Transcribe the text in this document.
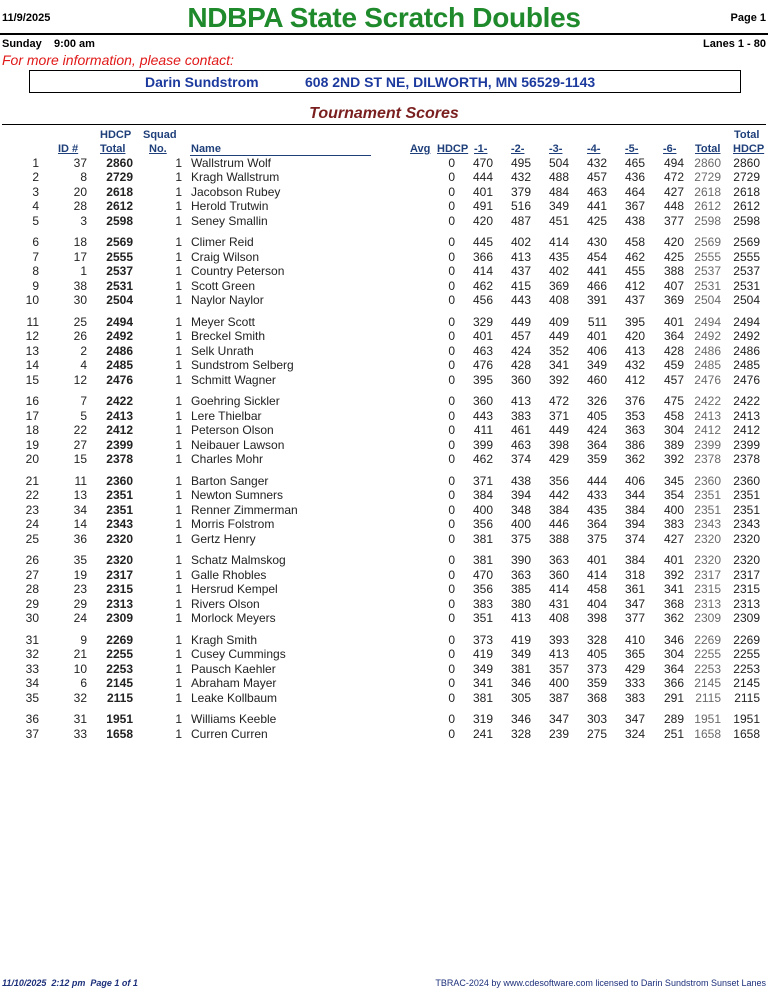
11/9/2025	NDBPA State Scratch Doubles	Page 1
Sunday    9:00 am	Lanes 1 - 80
For more information, please contact:
Darin Sundstrom	608 2ND ST NE, DILWORTH, MN 56529-1143
Tournament Scores
ID #
HDCP
Total
Squad
No. Name	Avg HDCP -1- -2- -3- -4- -5- -6- Total
Total
HDCP
1	37 2860	1 Wallstrum Wolf	0 470 495 504 432 465 494 2860 2860
2	8 2729	1 Kragh Wallstrum	0 444 432 488 457 436 472 2729 2729
3	20 2618	1 Jacobson Rubey	0 401 379 484 463 464 427 2618 2618
4	28 2612	1 Herold Trutwin	0 491 516 349 441 367 448 2612 2612
5	3 2598	1 Seney Smallin	0 420 487 451 425 438 377 2598 2598
6	18 2569	1 Climer Reid	0 445 402 414 430 458 420 2569 2569
7	17 2555	1 Craig Wilson	0 366 413 435 454 462 425 2555 2555
8	1 2537	1 Country Peterson	0 414 437 402 441 455 388 2537 2537
9	38 2531	1 Scott Green	0 462 415 369 466 412 407 2531 2531
10	30 2504	1 Naylor Naylor	0 456 443 408 391 437 369 2504 2504
11	25 2494	1 Meyer Scott	0 329 449 409 511 395 401 2494 2494
12	26 2492	1 Breckel Smith	0 401 457 449 401 420 364 2492 2492
13	2 2486	1 Selk Unrath	0 463 424 352 406 413 428 2486 2486
14	4 2485	1 Sundstrom Selberg	0 476 428 341 349 432 459 2485 2485
15	12 2476	1 Schmitt Wagner	0 395 360 392 460 412 457 2476 2476
16	7 2422	1 Goehring Sickler	0 360 413 472 326 376 475 2422 2422
17	5 2413	1 Lere Thielbar	0 443 383 371 405 353 458 2413 2413
18	22 2412	1 Peterson Olson	0 411 461 449 424 363 304 2412 2412
19	27 2399	1 Neibauer Lawson	0 399 463 398 364 386 389 2399 2399
20	15 2378	1 Charles Mohr	0 462 374 429 359 362 392 2378 2378
21	11 2360	1 Barton Sanger	0 371 438 356 444 406 345 2360 2360
22	13 2351	1 Newton Sumners	0 384 394 442 433 344 354 2351 2351
23	34 2351	1 Renner Zimmerman	0 400 348 384 435 384 400 2351 2351
24	14 2343	1 Morris Folstrom	0 356 400 446 364 394 383 2343 2343
25	36 2320	1 Gertz Henry	0 381 375 388 375 374 427 2320 2320
26	35 2320	1 Schatz Malmskog	0 381 390 363 401 384 401 2320 2320
27	19 2317	1 Galle Rhobles	0 470 363 360 414 318 392 2317 2317
28	23 2315	1 Hersrud Kempel	0 356 385 414 458 361 341 2315 2315
29	29 2313	1 Rivers Olson	0 383 380 431 404 347 368 2313 2313
30	24 2309	1 Morlock Meyers	0 351 413 408 398 377 362 2309 2309
31	9 2269	1 Kragh Smith	0 373 419 393 328 410 346 2269 2269
32	21 2255	1 Cusey Cummings	0 419 349 413 405 365 304 2255 2255
33	10 2253	1 Pausch Kaehler	0 349 381 357 373 429 364 2253 2253
34	6 2145	1 Abraham Mayer	0 341 346 400 359 333 366 2145 2145
35	32 2115	1 Leake Kollbaum	0 381 305 387 368 383 291 2115 2115
36	31 1951	1 Williams Keeble	0 319 346 347 303 347 289 1951 1951
37	33 1658	1 Curren Curren	0 241 328 239 275 324 251 1658 1658
11/10/2025  2:12 pm  Page 1 of 1	TBRAC-2024 by www.cdesoftware.com licensed to Darin Sundstrom Sunset Lanes
